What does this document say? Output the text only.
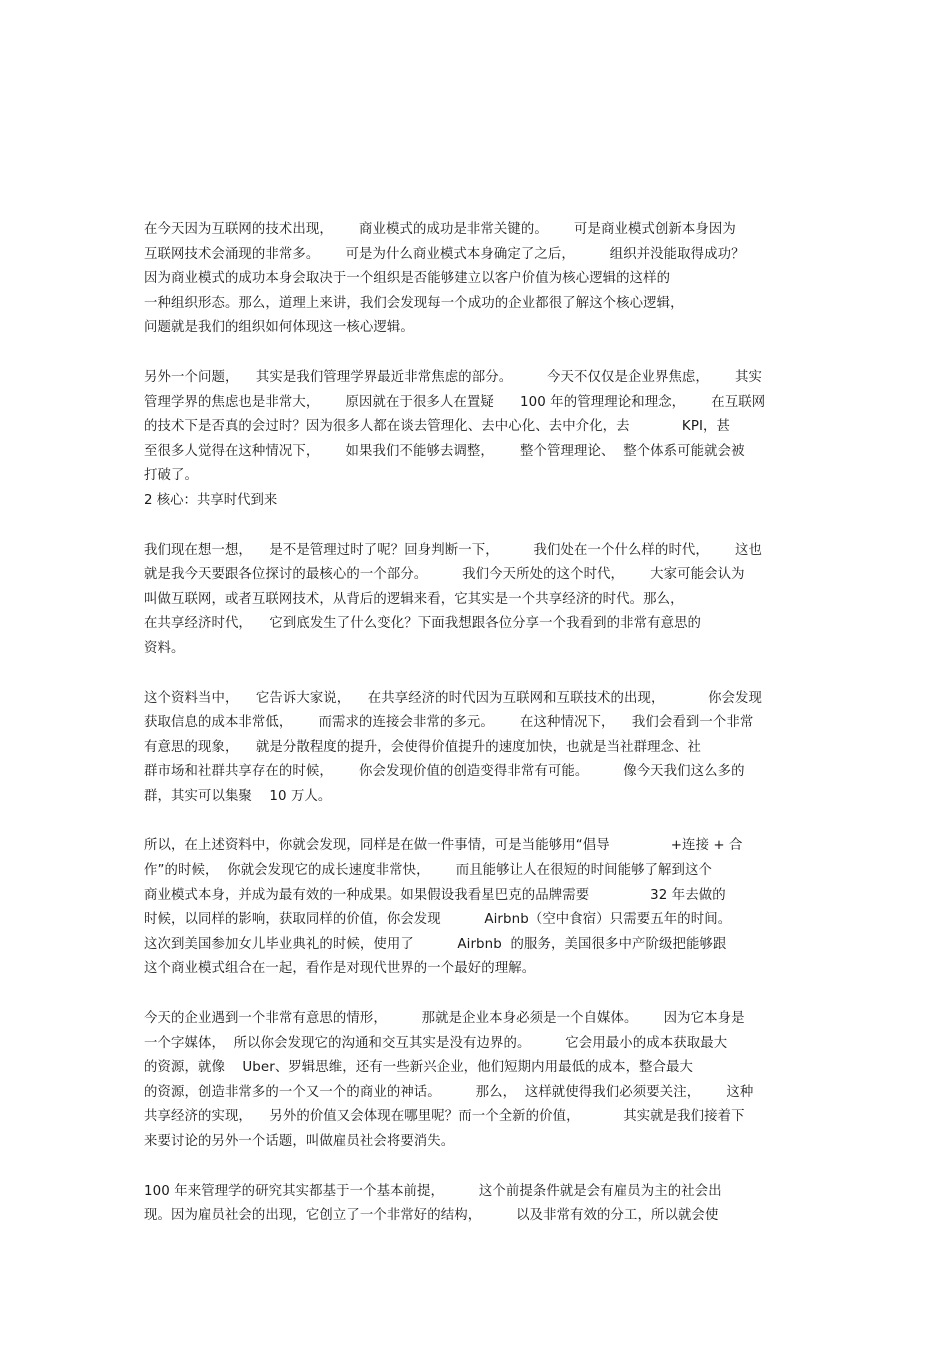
在今天因为互联网的技术出现，      商业模式的成功是非常关键的。      可是商业模式创新本身因为
互联网技术会涌现的非常多。      可是为什么商业模式本身确定了之后，        组织并没能取得成功？
因为商业模式的成功本身会取决于一个组织是否能够建立以客户价值为核心逻辑的这样的
一种组织形态。那么，道理上来讲，我们会发现每一个成功的企业都很了解这个核心逻辑，
问题就是我们的组织如何体现这一核心逻辑。
另外一个问题，    其实是我们管理学界最近非常焦虑的部分。        今天不仅仅是企业界焦虑，      其实
管理学界的焦虑也是非常大，      原因就在于很多人在置疑      100 年的管理理论和理念，      在互联网
的技术下是否真的会过时？因为很多人都在谈去管理化、去中心化、去中介化，去            KPI，甚
至很多人觉得在这种情况下，      如果我们不能够去调整，      整个管理理论、  整个体系可能就会被
打破了。
2 核心：共享时代到来
我们现在想一想，    是不是管理过时了呢？回身判断一下，        我们处在一个什么样的时代，      这也
就是我今天要跟各位探讨的最核心的一个部分。        我们今天所处的这个时代，      大家可能会认为
叫做互联网，或者互联网技术，从背后的逻辑来看，它其实是一个共享经济的时代。那么，
在共享经济时代，    它到底发生了什么变化？下面我想跟各位分享一个我看到的非常有意思的
资料。
这个资料当中，    它告诉大家说，    在共享经济的时代因为互联网和互联技术的出现，          你会发现
获取信息的成本非常低，      而需求的连接会非常的多元。      在这种情况下，    我们会看到一个非常
有意思的现象，    就是分散程度的提升，会使得价值提升的速度加快，也就是当社群理念、社
群市场和社群共享存在的时候，      你会发现价值的创造变得非常有可能。        像今天我们这么多的
群，其实可以集聚    10 万人。
所以，在上述资料中，你就会发现，同样是在做一件事情，可是当能够用“倡导              +连接 + 合
作”的时候，  你就会发现它的成长速度非常快，      而且能够让人在很短的时间能够了解到这个
商业模式本身，并成为最有效的一种成果。如果假设我看星巴克的品牌需要              32 年去做的
时候，以同样的影响，获取同样的价值，你会发现          Airbnb（空中食宿）只需要五年的时间。
这次到美国参加女儿毕业典礼的时候，使用了          Airbnb  的服务，美国很多中产阶级把能够跟
这个商业模式组合在一起，看作是对现代世界的一个最好的理解。
今天的企业遇到一个非常有意思的情形，        那就是企业本身必须是一个自媒体。      因为它本身是
一个字媒体，  所以你会发现它的沟通和交互其实是没有边界的。        它会用最小的成本获取最大
的资源，就像    Uber、罗辑思维，还有一些新兴企业，他们短期内用最低的成本，整合最大
的资源，创造非常多的一个又一个的商业的神话。        那么，  这样就使得我们必须要关注，      这种
共享经济的实现，    另外的价值又会体现在哪里呢？而一个全新的价值，          其实就是我们接着下
来要讨论的另外一个话题，叫做雇员社会将要消失。
100 年来管理学的研究其实都基于一个基本前提，        这个前提条件就是会有雇员为主的社会出
现。因为雇员社会的出现，它创立了一个非常好的结构，        以及非常有效的分工，所以就会使
